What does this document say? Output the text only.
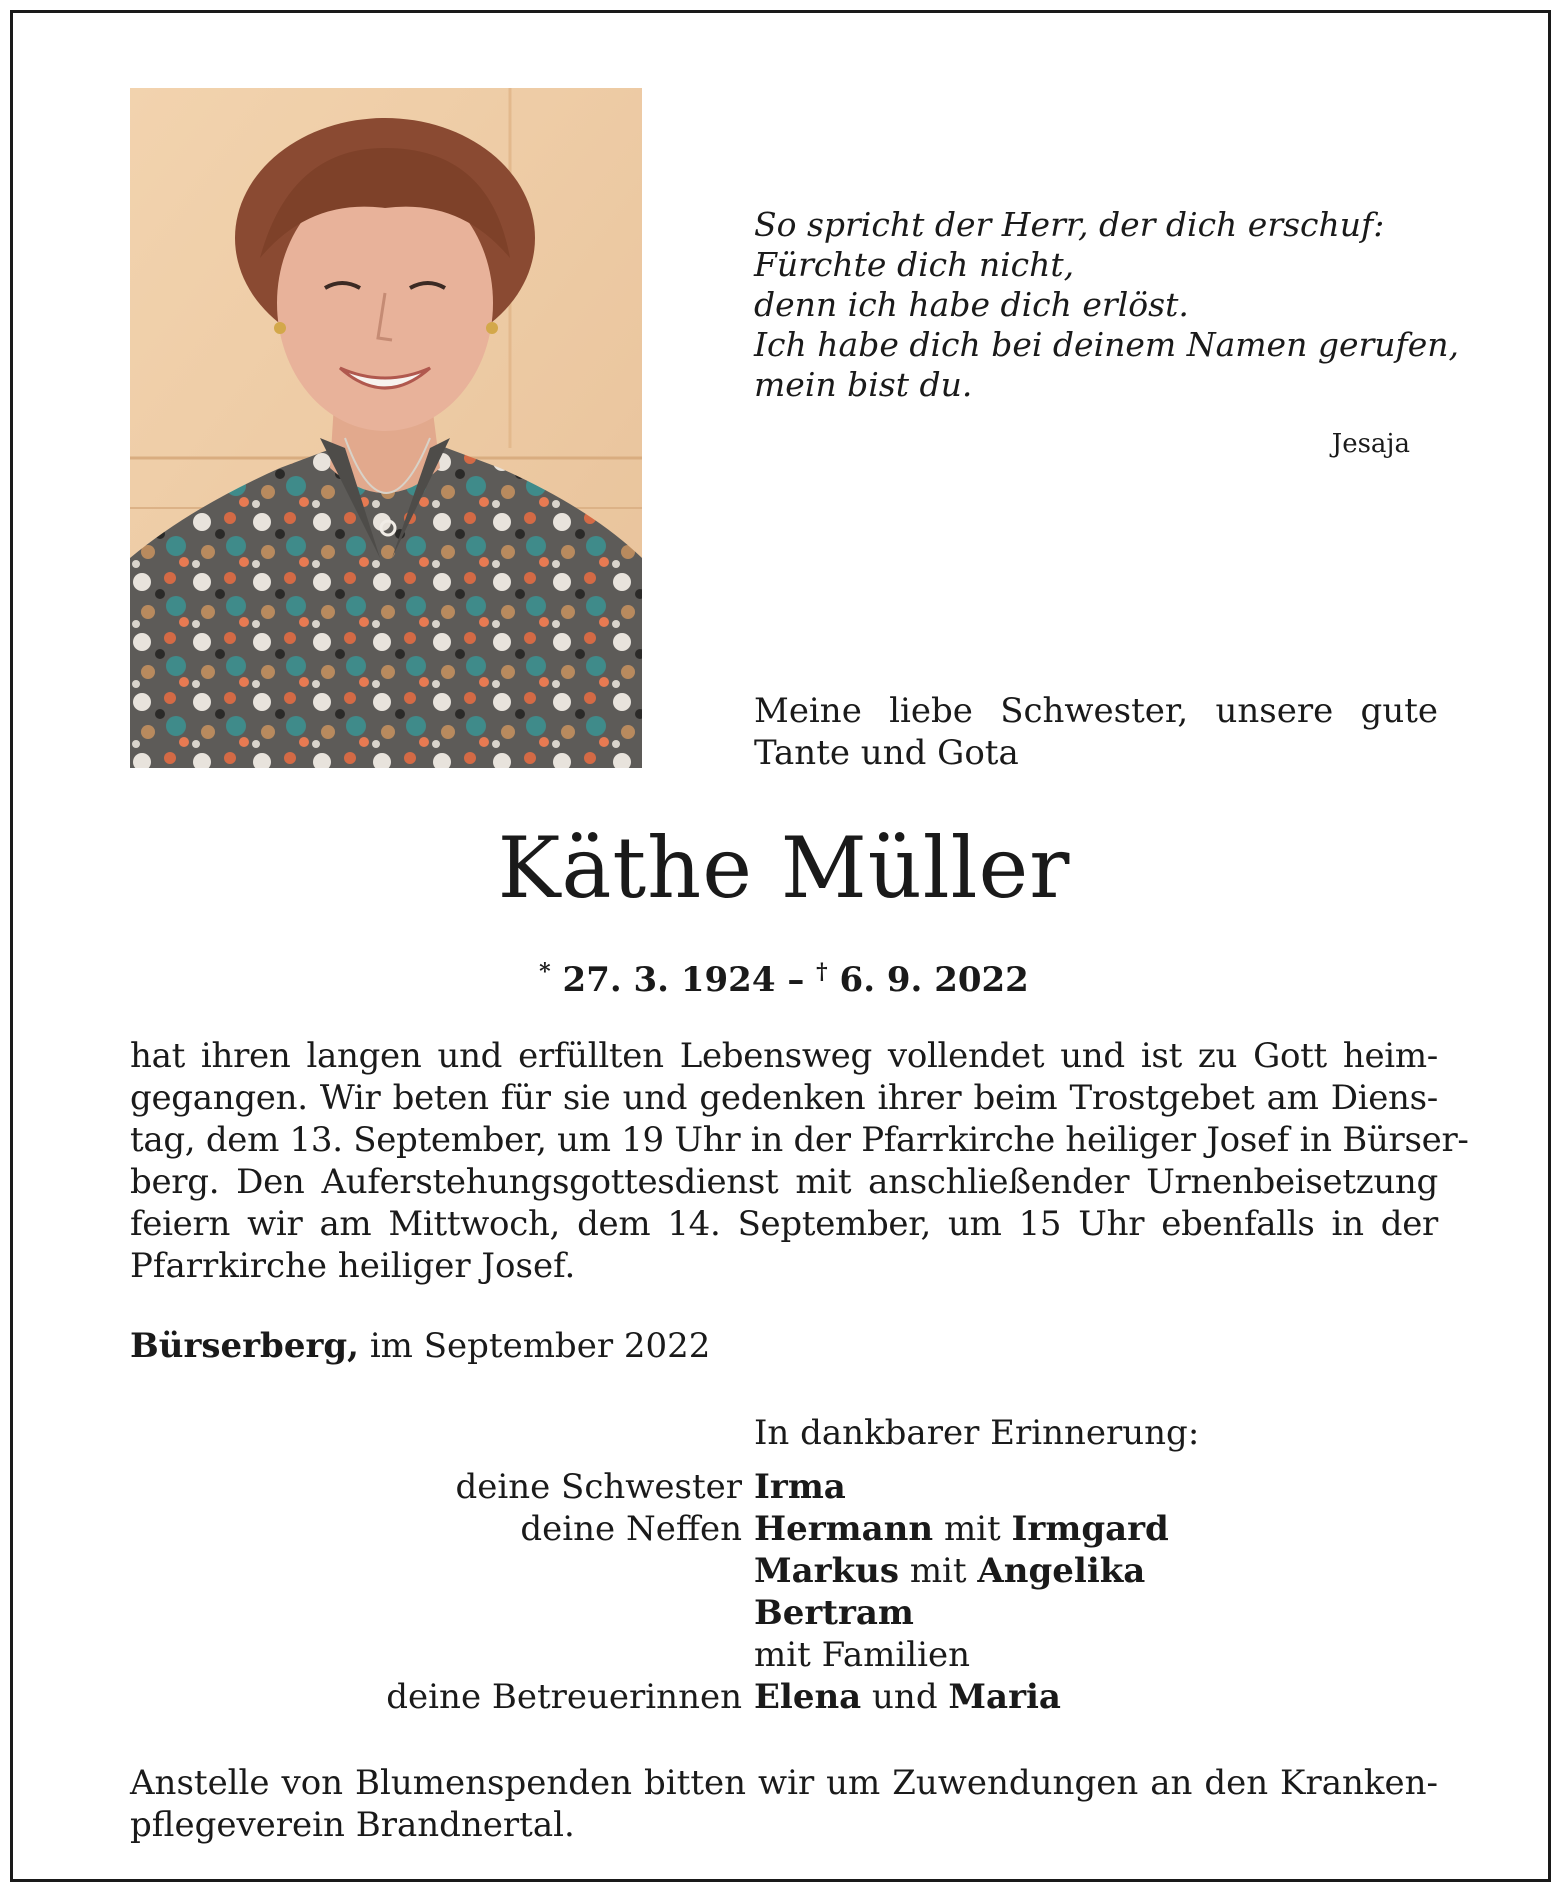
So spricht der Herr, der dich erschuf:
Fürchte dich nicht,
denn ich habe dich erlöst.
Ich habe dich bei deinem Namen gerufen,
mein bist du.
Jesaja
Meine liebe Schwester, unsere gute
Tante und Gota
Käthe Müller
* 27. 3. 1924 – † 6. 9. 2022
hat ihren langen und erfüllten Lebensweg vollendet und ist zu Gott heim-
gegangen. Wir beten für sie und gedenken ihrer beim Trostgebet am Diens-
tag, dem 13. September, um 19 Uhr in der Pfarrkirche heiliger Josef in Bürser-
berg. Den Auferstehungsgottesdienst mit anschließender Urnenbeisetzung
feiern wir am Mittwoch, dem 14. September, um 15 Uhr ebenfalls in der
Pfarrkirche heiliger Josef.
Bürserberg, im September 2022
In dankbarer Erinnerung:
deine Schwester Irma
deine Neffen Hermann mit Irmgard
Markus mit Angelika
Bertram
mit Familien
deine Betreuerinnen Elena und Maria
Anstelle von Blumenspenden bitten wir um Zuwendungen an den Kranken-
pflegeverein Brandnertal.
